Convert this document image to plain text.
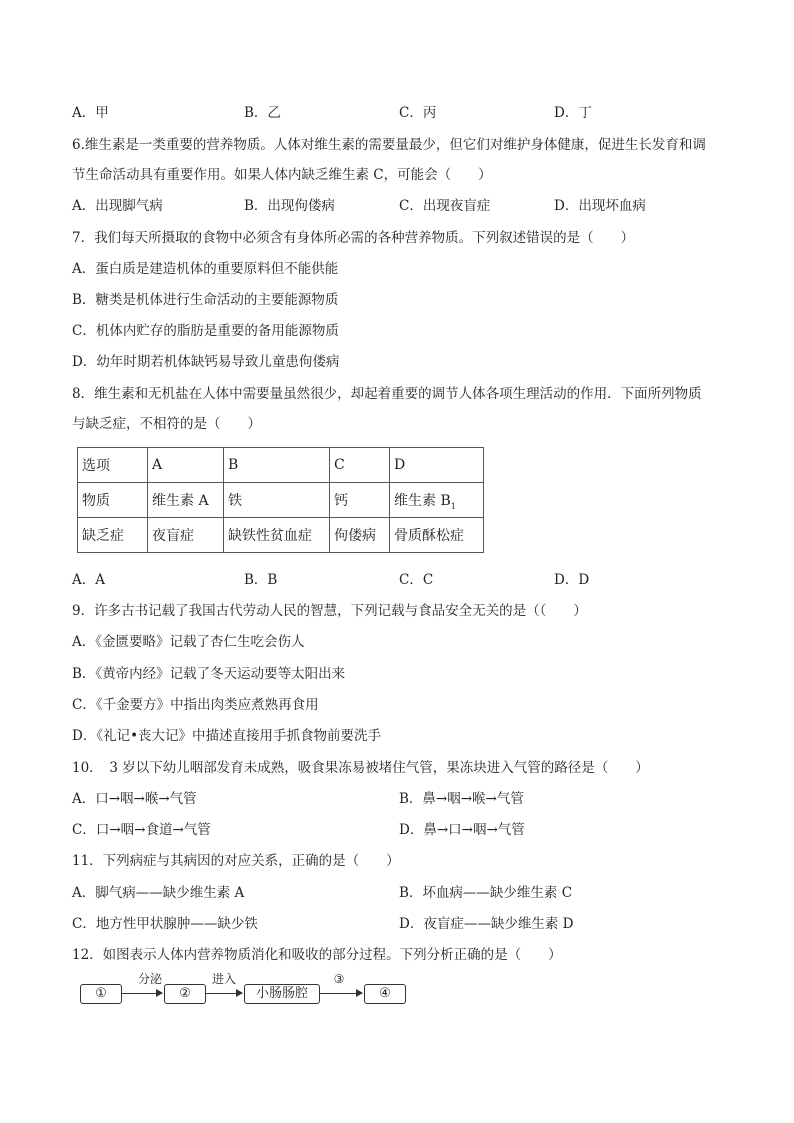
A．甲	B．乙	C．丙	D．丁
6.维生素是一类重要的营养物质。人体对维生素的需要量最少，但它们对维护身体健康，促进生长发育和调
节生命活动具有重要作用。如果人体内缺乏维生素 C，可能会（　　）
A．出现脚气病	B．出现佝偻病	C．出现夜盲症	D．出现坏血病
7．我们每天所摄取的食物中必须含有身体所必需的各种营养物质。下列叙述错误的是（　　）
A．蛋白质是建造机体的重要原料但不能供能
B．糖类是机体进行生命活动的主要能源物质
C．机体内贮存的脂肪是重要的备用能源物质
D．幼年时期若机体缺钙易导致儿童患佝偻病
8．维生素和无机盐在人体中需要量虽然很少，却起着重要的调节人体各项生理活动的作用．下面所列物质
与缺乏症，不相符的是（　　）
选项	A	B	C	D
物质	维生素 A	铁	钙	维生素 $B_1$
缺乏症	夜盲症	缺铁性贫血症	佝偻病	骨质酥松症
A．A	B．B	C．C	D．D
9．许多古书记载了我国古代劳动人民的智慧，下列记载与食品安全无关的是（（　　）
A．《金匮要略》记载了杏仁生吃会伤人
B．《黄帝内经》记载了冬天运动要等太阳出来
C．《千金要方》中指出肉类应煮熟再食用
D．《礼记•丧大记》中描述直接用手抓食物前要洗手
10．　3 岁以下幼儿咽部发育未成熟，吸食果冻易被堵住气管，果冻块进入气管的路径是（　　）
A．口→咽→喉→气管	B．鼻→咽→喉→气管
C．口→咽→食道→气管	D．鼻→口→咽→气管
11．下列病症与其病因的对应关系，正确的是（　　）
A．脚气病——缺少维生素 A	B．坏血病——缺少维生素 C
C．地方性甲状腺肿——缺少铁	D．夜盲症——缺少维生素 D
12．如图表示人体内营养物质消化和吸收的部分过程。下列分析正确的是（　　）
①
分泌
②
进入
小肠肠腔
③
④
